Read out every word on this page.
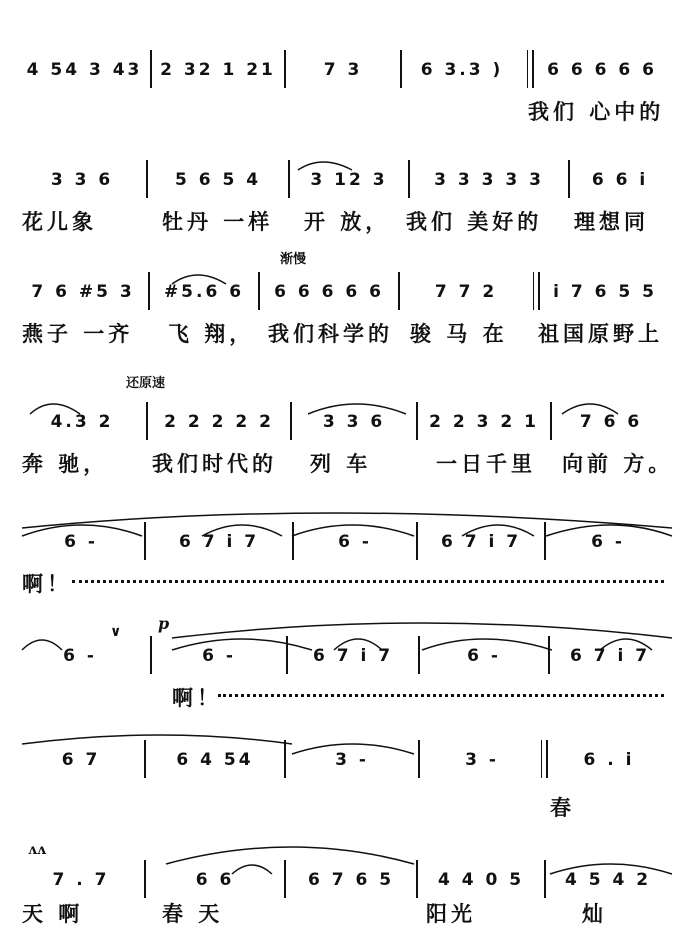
4 54 3 43 2 32 1 21	7 3	6 3.3 )	6 6 6 6 6
我们 心中的
3 3 6	5 6 5 4	3 12 3	3 3 3 3 3	6 6 i
花儿象	牡丹 一样 开 放， 我们 美好的 理想同
渐慢
7 6 #5 3	#5.6 6	6 6 6 6 6	7 7 2	i 7 6 5 5
燕子 一齐 飞 翔， 我们科学的 骏 马 在 祖国原野上
还原速
4.3 2	2 2 2 2 2	3 3 6	2 2 3 2 1	7 6 6
奔 驰， 我们时代的 列 车	一日千里 向前 方。
6 -	6 7 i 7	6 -	6 7 i 7	6 -
啊！
p
∨
6 -	6 -	6 7 i 7	6 -	6 7 i 7
啊！
6 7	6 4 54	3 -	3 -	6 . i
春
ᴧᴧ
7 . 7	6 6	6 7 6 5	4 4 0 5	4 5 4 2
天 啊	春 天	阳光	灿
